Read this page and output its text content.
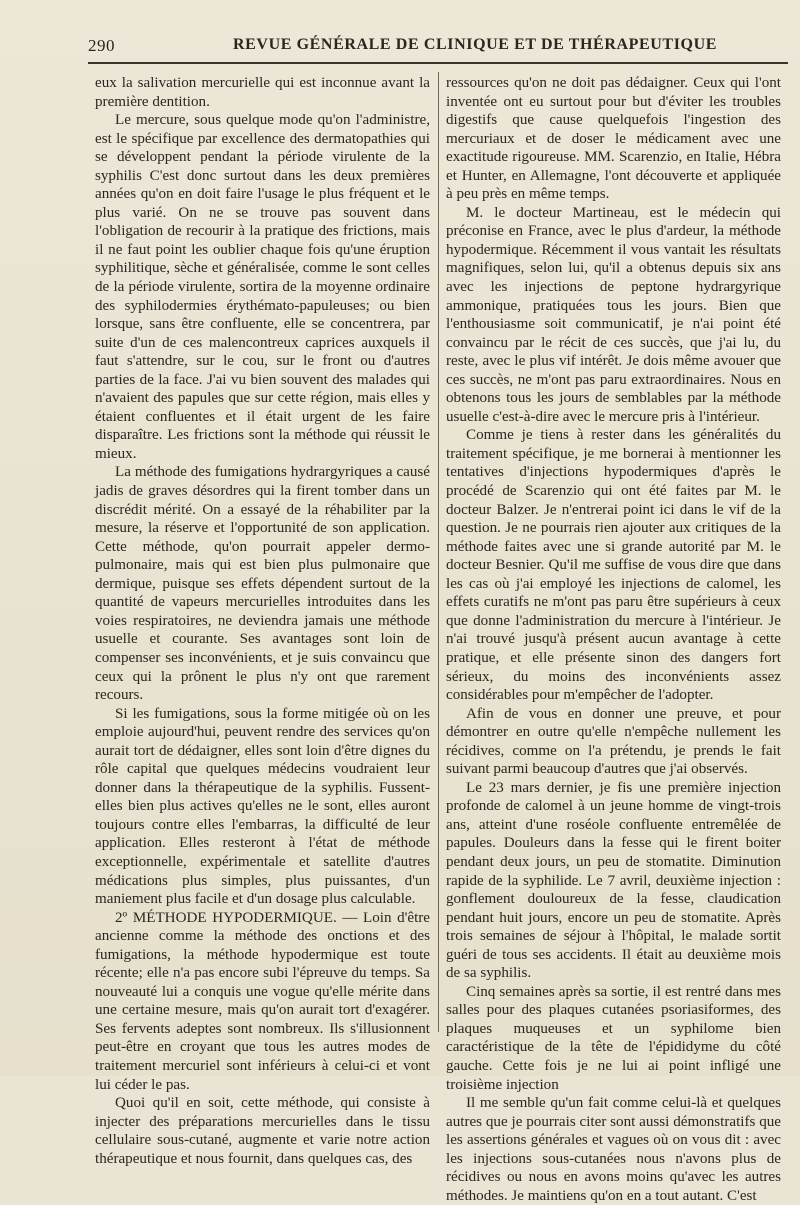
290	REVUE GÉNÉRALE DE CLINIQUE ET DE THÉRAPEUTIQUE

eux la salivation mercurielle qui est inconnue avant la première dentition.

Le mercure, sous quelque mode qu'on l'administre, est le spécifique par excellence des dermatopathies qui se développent pendant la période virulente de la syphilis C'est donc surtout dans les deux premières années qu'on en doit faire l'usage le plus fréquent et le plus varié. On ne se trouve pas souvent dans l'obligation de recourir à la pratique des frictions, mais il ne faut point les oublier chaque fois qu'une éruption syphilitique, sèche et généralisée, comme le sont celles de la période virulente, sortira de la moyenne ordinaire des syphilodermies érythémato-papuleuses; ou bien lorsque, sans être confluente, elle se concentrera, par suite d'un de ces malencontreux caprices auxquels il faut s'attendre, sur le cou, sur le front ou d'autres parties de la face. J'ai vu bien souvent des malades qui n'avaient des papules que sur cette région, mais elles y étaient confluentes et il était urgent de les faire disparaître. Les frictions sont la méthode qui réussit le mieux.

La méthode des fumigations hydrargyriques a causé jadis de graves désordres qui la firent tomber dans un discrédit mérité. On a essayé de la réhabiliter par la mesure, la réserve et l'opportunité de son application. Cette méthode, qu'on pourrait appeler dermo-pulmonaire, mais qui est bien plus pulmonaire que dermique, puisque ses effets dépendent surtout de la quantité de vapeurs mercurielles introduites dans les voies respiratoires, ne deviendra jamais une méthode usuelle et courante. Ses avantages sont loin de compenser ses inconvénients, et je suis convaincu que ceux qui la prônent le plus n'y ont que rarement recours.

Si les fumigations, sous la forme mitigée où on les emploie aujourd'hui, peuvent rendre des services qu'on aurait tort de dédaigner, elles sont loin d'être dignes du rôle capital que quelques médecins voudraient leur donner dans la thérapeutique de la syphilis. Fussent-elles bien plus actives qu'elles ne le sont, elles auront toujours contre elles l'embarras, la difficulté de leur application. Elles resteront à l'état de méthode exceptionnelle, expérimentale et satellite d'autres médications plus simples, plus puissantes, d'un maniement plus facile et d'un dosage plus calculable.

2º MÉTHODE HYPODERMIQUE. — Loin d'être ancienne comme la méthode des onctions et des fumigations, la méthode hypodermique est toute récente; elle n'a pas encore subi l'épreuve du temps. Sa nouveauté lui a conquis une vogue qu'elle mérite dans une certaine mesure, mais qu'on aurait tort d'exagérer. Ses fervents adeptes sont nombreux. Ils s'illusionnent peut-être en croyant que tous les autres modes de traitement mercuriel sont inférieurs à celui-ci et vont lui céder le pas.

Quoi qu'il en soit, cette méthode, qui consiste à injecter des préparations mercurielles dans le tissu cellulaire sous-cutané, augmente et varie notre action thérapeutique et nous fournit, dans quelques cas, des

ressources qu'on ne doit pas dédaigner. Ceux qui l'ont inventée ont eu surtout pour but d'éviter les troubles digestifs que cause quelquefois l'ingestion des mercuriaux et de doser le médicament avec une exactitude rigoureuse. MM. Scarenzio, en Italie, Hébra et Hunter, en Allemagne, l'ont découverte et appliquée à peu près en même temps.

M. le docteur Martineau, est le médecin qui préconise en France, avec le plus d'ardeur, la méthode hypodermique. Récemment il vous vantait les résultats magnifiques, selon lui, qu'il a obtenus depuis six ans avec les injections de peptone hydrargyrique ammonique, pratiquées tous les jours. Bien que l'enthousiasme soit communicatif, je n'ai point été convaincu par le récit de ces succès, que j'ai lu, du reste, avec le plus vif intérêt. Je dois même avouer que ces succès, ne m'ont pas paru extraordinaires. Nous en obtenons tous les jours de semblables par la méthode usuelle c'est-à-dire avec le mercure pris à l'intérieur.

Comme je tiens à rester dans les généralités du traitement spécifique, je me bornerai à mentionner les tentatives d'injections hypodermiques d'après le procédé de Scarenzio qui ont été faites par M. le docteur Balzer. Je n'entrerai point ici dans le vif de la question. Je ne pourrais rien ajouter aux critiques de la méthode faites avec une si grande autorité par M. le docteur Besnier. Qu'il me suffise de vous dire que dans les cas où j'ai employé les injections de calomel, les effets curatifs ne m'ont pas paru être supérieurs à ceux que donne l'administration du mercure à l'intérieur. Je n'ai trouvé jusqu'à présent aucun avantage à cette pratique, et elle présente sinon des dangers fort sérieux, du moins des inconvénients assez considérables pour m'empêcher de l'adopter.

Afin de vous en donner une preuve, et pour démontrer en outre qu'elle n'empêche nullement les récidives, comme on l'a prétendu, je prends le fait suivant parmi beaucoup d'autres que j'ai observés.

Le 23 mars dernier, je fis une première injection profonde de calomel à un jeune homme de vingt-trois ans, atteint d'une roséole confluente entremêlée de papules. Douleurs dans la fesse qui le firent boiter pendant deux jours, un peu de stomatite. Diminution rapide de la syphilide. Le 7 avril, deuxième injection : gonflement douloureux de la fesse, claudication pendant huit jours, encore un peu de stomatite. Après trois semaines de séjour à l'hôpital, le malade sortit guéri de tous ses accidents. Il était au deuxième mois de sa syphilis.

Cinq semaines après sa sortie, il est rentré dans mes salles pour des plaques cutanées psoriasiformes, des plaques muqueuses et un syphilome bien caractéristique de la tête de l'épididyme du côté gauche. Cette fois je ne lui ai point infligé une troisième injection

Il me semble qu'un fait comme celui-là et quelques autres que je pourrais citer sont aussi démonstratifs que les assertions générales et vagues où on vous dit : avec les injections sous-cutanées nous n'avons plus de récidives ou nous en avons moins qu'avec les autres méthodes. Je maintiens qu'on en a tout autant. C'est
